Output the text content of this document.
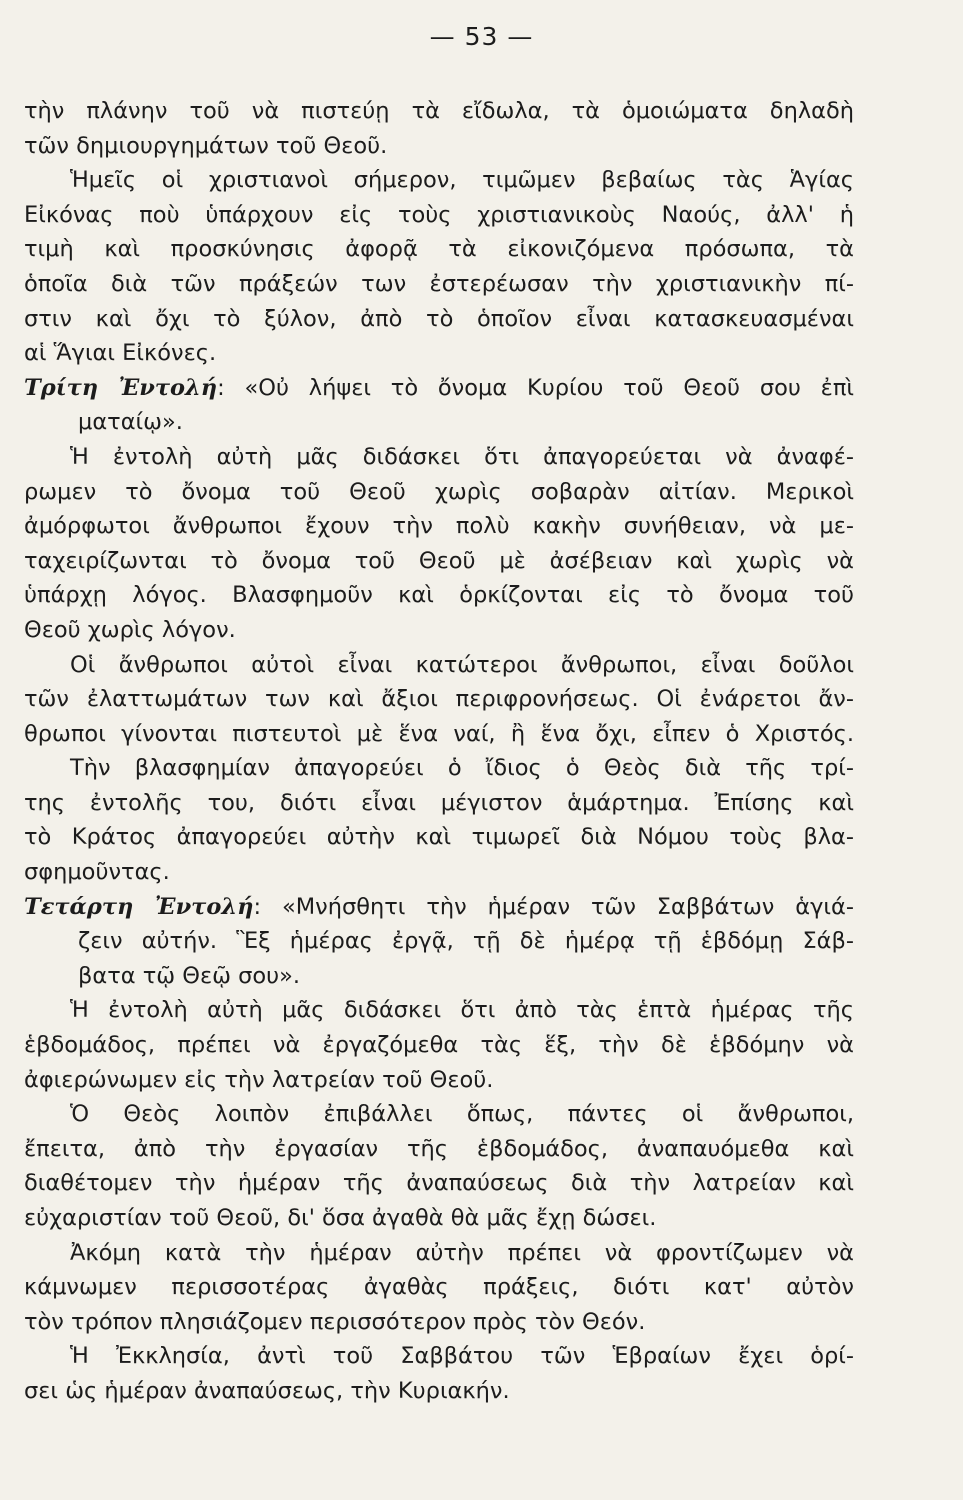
— 53 —
τὴν πλάνην τοῦ νὰ πιστεύῃ τὰ εἴδωλα, τὰ ὁμοιώματα δηλαδὴ
τῶν δημιουργημάτων τοῦ Θεοῦ.
Ἡμεῖς οἱ χριστιανοὶ σήμερον, τιμῶμεν βεβαίως τὰς Ἁγίας
Εἰκόνας ποὺ ὑπάρχουν εἰς τοὺς χριστιανικοὺς Ναούς, ἀλλ' ἡ
τιμὴ καὶ προσκύνησις ἀφορᾷ τὰ εἰκονιζόμενα πρόσωπα, τὰ
ὁποῖα διὰ τῶν πράξεών των ἐστερέωσαν τὴν χριστιανικὴν πί-
στιν καὶ ὄχι τὸ ξύλον, ἀπὸ τὸ ὁποῖον εἶναι κατασκευασμέναι
αἱ Ἅγιαι Εἰκόνες.
Τρίτη Ἐντολή: «Οὐ λήψει τὸ ὄνομα Κυρίου τοῦ Θεοῦ σου ἐπὶ
ματαίῳ».
Ἡ ἐντολὴ αὐτὴ μᾶς διδάσκει ὅτι ἀπαγορεύεται νὰ ἀναφέ-
ρωμεν τὸ ὄνομα τοῦ Θεοῦ χωρὶς σοβαρὰν αἰτίαν. Μερικοὶ
ἀμόρφωτοι ἄνθρωποι ἔχουν τὴν πολὺ κακὴν συνήθειαν, νὰ με-
ταχειρίζωνται τὸ ὄνομα τοῦ Θεοῦ μὲ ἀσέβειαν καὶ χωρὶς νὰ
ὑπάρχῃ λόγος. Βλασφημοῦν καὶ ὁρκίζονται εἰς τὸ ὄνομα τοῦ
Θεοῦ χωρὶς λόγον.
Οἱ ἄνθρωποι αὐτοὶ εἶναι κατώτεροι ἄνθρωποι, εἶναι δοῦλοι
τῶν ἐλαττωμάτων των καὶ ἄξιοι περιφρονήσεως. Οἱ ἐνάρετοι ἄν-
θρωποι γίνονται πιστευτοὶ μὲ ἕνα ναί, ἢ ἕνα ὄχι, εἶπεν ὁ Χριστός.
Τὴν βλασφημίαν ἀπαγορεύει ὁ ἴδιος ὁ Θεὸς διὰ τῆς τρί-
της ἐντολῆς του, διότι εἶναι μέγιστον ἁμάρτημα. Ἐπίσης καὶ
τὸ Κράτος ἀπαγορεύει αὐτὴν καὶ τιμωρεῖ διὰ Νόμου τοὺς βλα-
σφημοῦντας.
Τετάρτη Ἐντολή: «Μνήσθητι τὴν ἡμέραν τῶν Σαββάτων ἁγιά-
ζειν αὐτήν. Ἓξ ἡμέρας ἐργᾷ, τῇ δὲ ἡμέρᾳ τῇ ἑβδόμῃ Σάβ-
βατα τῷ Θεῷ σου».
Ἡ ἐντολὴ αὐτὴ μᾶς διδάσκει ὅτι ἀπὸ τὰς ἑπτὰ ἡμέρας τῆς
ἑβδομάδος, πρέπει νὰ ἐργαζόμεθα τὰς ἕξ, τὴν δὲ ἑβδόμην νὰ
ἀφιερώνωμεν εἰς τὴν λατρείαν τοῦ Θεοῦ.
Ὁ Θεὸς λοιπὸν ἐπιβάλλει ὅπως, πάντες οἱ ἄνθρωποι,
ἔπειτα, ἀπὸ τὴν ἐργασίαν τῆς ἑβδομάδος, ἀναπαυόμεθα καὶ
διαθέτομεν τὴν ἡμέραν τῆς ἀναπαύσεως διὰ τὴν λατρείαν καὶ
εὐχαριστίαν τοῦ Θεοῦ, δι' ὅσα ἀγαθὰ θὰ μᾶς ἔχῃ δώσει.
Ἀκόμη κατὰ τὴν ἡμέραν αὐτὴν πρέπει νὰ φροντίζωμεν νὰ
κάμνωμεν περισσοτέρας ἀγαθὰς πράξεις, διότι κατ' αὐτὸν
τὸν τρόπον πλησιάζομεν περισσότερον πρὸς τὸν Θεόν.
Ἡ Ἐκκλησία, ἀντὶ τοῦ Σαββάτου τῶν Ἑβραίων ἔχει ὁρί-
σει ὡς ἡμέραν ἀναπαύσεως, τὴν Κυριακήν.
